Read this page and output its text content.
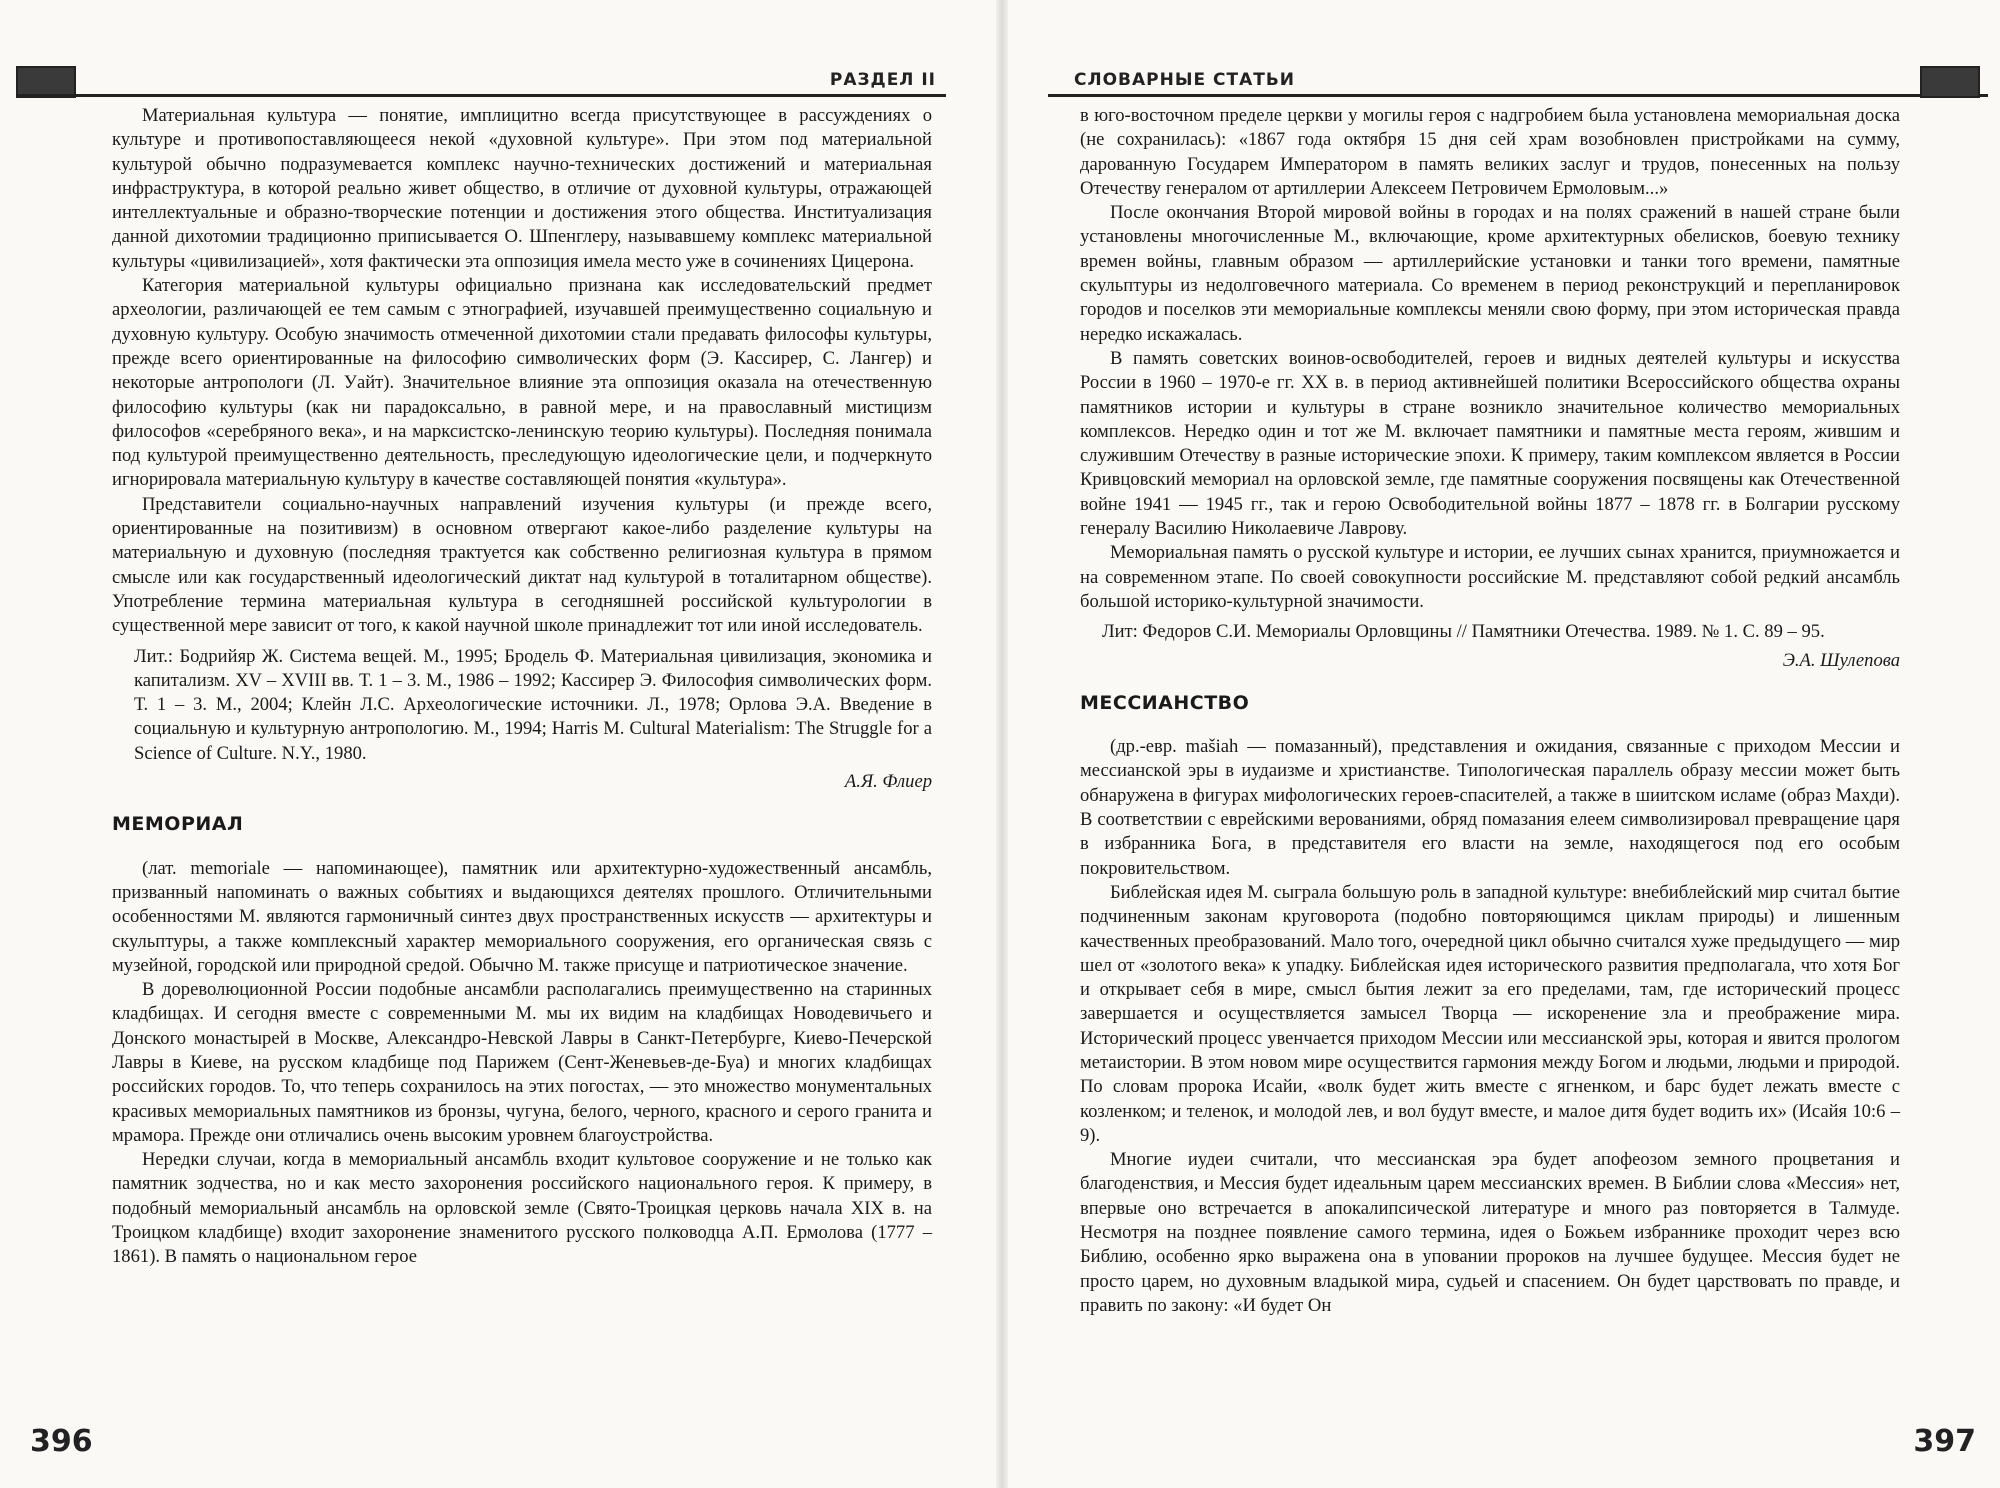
РАЗДЕЛ II

Материальная культура — понятие, имплицитно всегда присутствующее в рассуждениях о культуре и противопоставляющееся некой «духовной культуре». При этом под материальной культурой обычно подразумевается комплекс научно-технических достижений и материальная инфраструктура, в которой реально живет общество, в отличие от духовной культуры, отражающей интеллектуальные и образно-творческие потенции и достижения этого общества. Институализация данной дихотомии традиционно приписывается О. Шпенглеру, называвшему комплекс материальной культуры «цивилизацией», хотя фактически эта оппозиция имела место уже в сочинениях Цицерона.

Категория материальной культуры официально признана как исследовательский предмет археологии, различающей ее тем самым с этнографией, изучавшей преимущественно социальную и духовную культуру. Особую значимость отмеченной дихотомии стали предавать философы культуры, прежде всего ориентированные на философию символических форм (Э. Кассирер, С. Лангер) и некоторые антропологи (Л. Уайт). Значительное влияние эта оппозиция оказала на отечественную философию культуры (как ни парадоксально, в равной мере, и на православный мистицизм философов «серебряного века», и на марксистско-ленинскую теорию культуры). Последняя понимала под культурой преимущественно деятельность, преследующую идеологические цели, и подчеркнуто игнорировала материальную культуру в качестве составляющей понятия «культура».

Представители социально-научных направлений изучения культуры (и прежде всего, ориентированные на позитивизм) в основном отвергают какое-либо разделение культуры на материальную и духовную (последняя трактуется как собственно религиозная культура в прямом смысле или как государственный идеологический диктат над культурой в тоталитарном обществе). Употребление термина материальная культура в сегодняшней российской культурологии в существенной мере зависит от того, к какой научной школе принадлежит тот или иной исследователь.

Лит.: Бодрийяр Ж. Система вещей. М., 1995; Бродель Ф. Материальная цивилизация, экономика и капитализм. XV – XVIII вв. Т. 1 – 3. М., 1986 – 1992; Кассирер Э. Философия символических форм. Т. 1 – 3. М., 2004; Клейн Л.С. Археологические источники. Л., 1978; Орлова Э.А. Введение в социальную и культурную антропологию. М., 1994; Harris M. Cultural Materialism: The Struggle for a Science of Culture. N.Y., 1980.

А.Я. Флиер

МЕМОРИАЛ

(лат. memoriale — напоминающее), памятник или архитектурно-художественный ансамбль, призванный напоминать о важных событиях и выдающихся деятелях прошлого. Отличительными особенностями М. являются гармоничный синтез двух пространственных искусств — архитектуры и скульптуры, а также комплексный характер мемориального сооружения, его органическая связь с музейной, городской или природной средой. Обычно М. также присуще и патриотическое значение.

В дореволюционной России подобные ансамбли располагались преимущественно на старинных кладбищах. И сегодня вместе с современными М. мы их видим на кладбищах Новодевичьего и Донского монастырей в Москве, Александро-Невской Лавры в Санкт-Петербурге, Киево-Печерской Лавры в Киеве, на русском кладбище под Парижем (Сент-Женевьев-де-Буа) и многих кладбищах российских городов. То, что теперь сохранилось на этих погостах, — это множество монументальных красивых мемориальных памятников из бронзы, чугуна, белого, черного, красного и серого гранита и мрамора. Прежде они отличались очень высоким уровнем благоустройства.

Нередки случаи, когда в мемориальный ансамбль входит культовое сооружение и не только как памятник зодчества, но и как место захоронения российского национального героя. К примеру, в подобный мемориальный ансамбль на орловской земле (Свято-Троицкая церковь начала XIX в. на Троицком кладбище) входит захоронение знаменитого русского полководца А.П. Ермолова (1777 – 1861). В память о национальном герое

396
СЛОВАРНЫЕ СТАТЬИ

в юго-восточном пределе церкви у могилы героя с надгробием была установлена мемориальная доска (не сохранилась): «1867 года октября 15 дня сей храм возобновлен пристройками на сумму, дарованную Государем Императором в память великих заслуг и трудов, понесенных на пользу Отечеству генералом от артиллерии Алексеем Петровичем Ермоловым...»

После окончания Второй мировой войны в городах и на полях сражений в нашей стране были установлены многочисленные М., включающие, кроме архитектурных обелисков, боевую технику времен войны, главным образом — артиллерийские установки и танки того времени, памятные скульптуры из недолговечного материала. Со временем в период реконструкций и перепланировок городов и поселков эти мемориальные комплексы меняли свою форму, при этом историческая правда нередко искажалась.

В память советских воинов-освободителей, героев и видных деятелей культуры и искусства России в 1960 – 1970-е гг. XX в. в период активнейшей политики Всероссийского общества охраны памятников истории и культуры в стране возникло значительное количество мемориальных комплексов. Нередко один и тот же М. включает памятники и памятные места героям, жившим и служившим Отечеству в разные исторические эпохи. К примеру, таким комплексом является в России Кривцовский мемориал на орловской земле, где памятные сооружения посвящены как Отечественной войне 1941 — 1945 гг., так и герою Освободительной войны 1877 – 1878 гг. в Болгарии русскому генералу Василию Николаевиче Лаврову.

Мемориальная память о русской культуре и истории, ее лучших сынах хранится, приумножается и на современном этапе. По своей совокупности российские М. представляют собой редкий ансамбль большой историко-культурной значимости.

Лит: Федоров С.И. Мемориалы Орловщины // Памятники Отечества. 1989. № 1. С. 89 – 95.

Э.А. Шулепова

МЕССИАНСТВО

(др.-евр. mašiah — помазанный), представления и ожидания, связанные с приходом Мессии и мессианской эры в иудаизме и христианстве. Типологическая параллель образу мессии может быть обнаружена в фигурах мифологических героев-спасителей, а также в шиитском исламе (образ Махди). В соответствии с еврейскими верованиями, обряд помазания елеем символизировал превращение царя в избранника Бога, в представителя его власти на земле, находящегося под его особым покровительством.

Библейская идея М. сыграла большую роль в западной культуре: внебиблейский мир считал бытие подчиненным законам круговорота (подобно повторяющимся циклам природы) и лишенным качественных преобразований. Мало того, очередной цикл обычно считался хуже предыдущего — мир шел от «золотого века» к упадку. Библейская идея исторического развития предполагала, что хотя Бог и открывает себя в мире, смысл бытия лежит за его пределами, там, где исторический процесс завершается и осуществляется замысел Творца — искоренение зла и преображение мира. Исторический процесс увенчается приходом Мессии или мессианской эры, которая и явится прологом метаистории. В этом новом мире осуществится гармония между Богом и людьми, людьми и природой. По словам пророка Исайи, «волк будет жить вместе с ягненком, и барс будет лежать вместе с козленком; и теленок, и молодой лев, и вол будут вместе, и малое дитя будет водить их» (Исайя 10:6 – 9).

Многие иудеи считали, что мессианская эра будет апофеозом земного процветания и благоденствия, и Мессия будет идеальным царем мессианских времен. В Библии слова «Мессия» нет, впервые оно встречается в апокалипсической литературе и много раз повторяется в Талмуде. Несмотря на позднее появление самого термина, идея о Божьем избраннике проходит через всю Библию, особенно ярко выражена она в уповании пророков на лучшее будущее. Мессия будет не просто царем, но духовным владыкой мира, судьей и спасением. Он будет царствовать по правде, и править по закону: «И будет Он

397
